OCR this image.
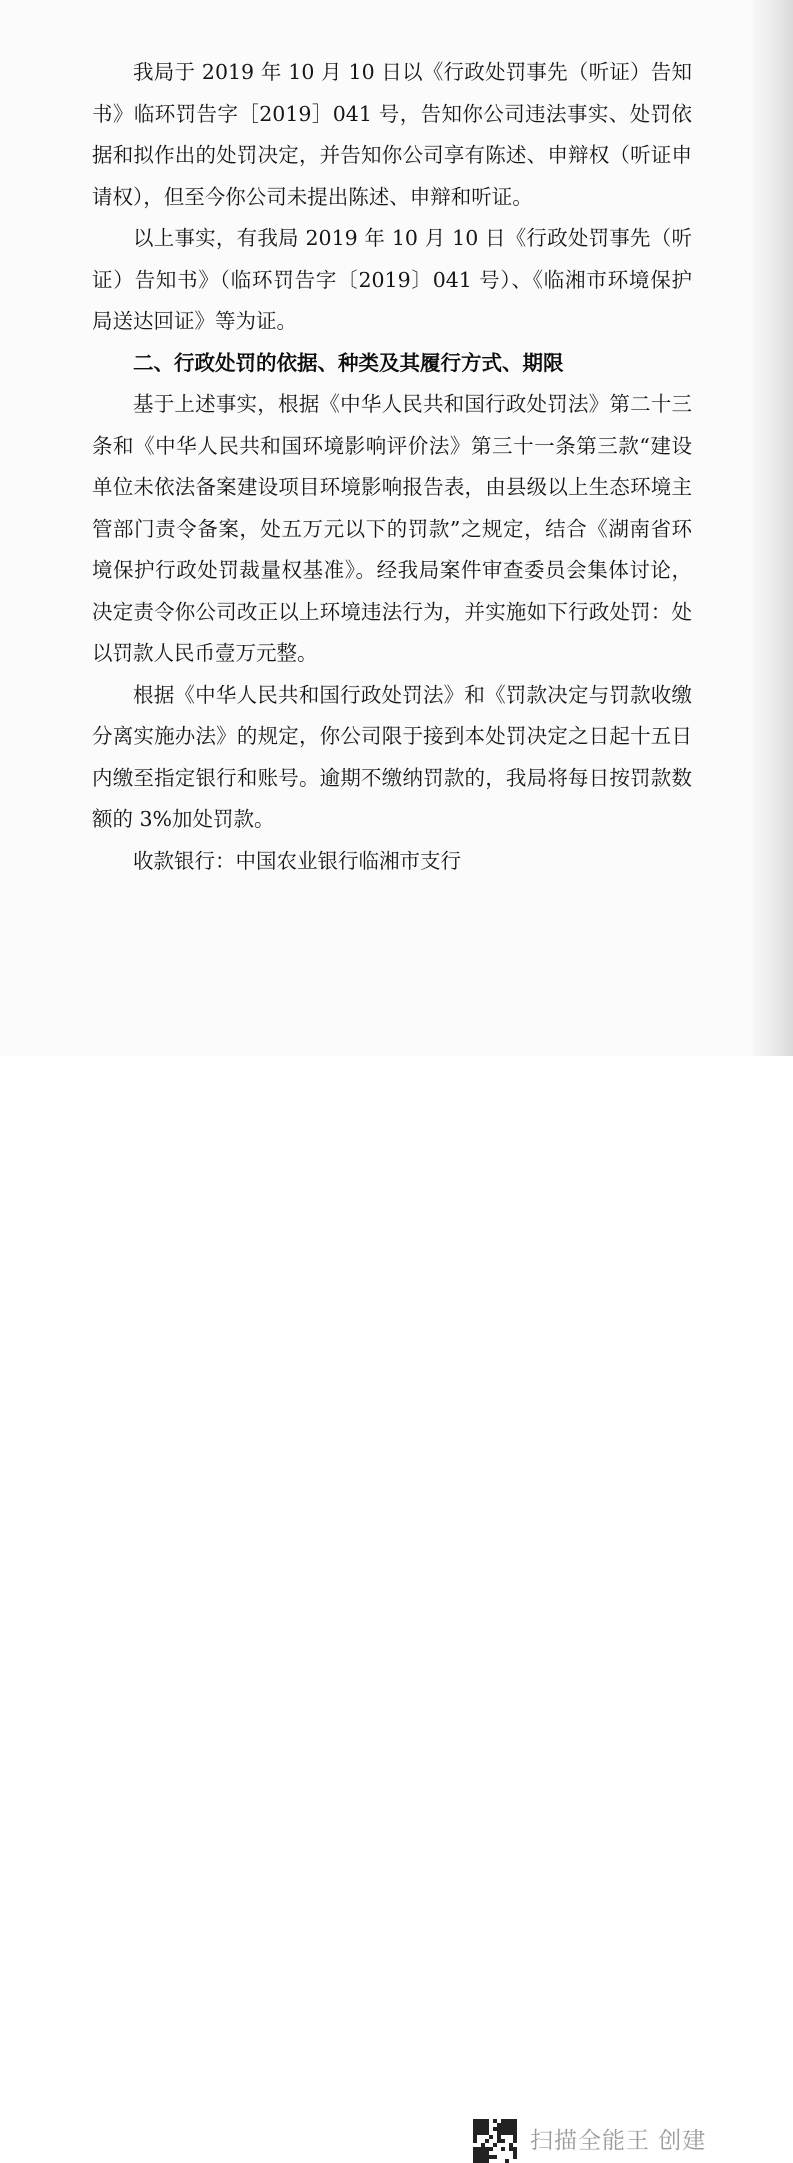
我局于 2019 年 10 月 10 日以《行政处罚事先（听证）告知书》临环罚告字［2019］041 号，告知你公司违法事实、处罚依据和拟作出的处罚决定，并告知你公司享有陈述、申辩权（听证申请权），但至今你公司未提出陈述、申辩和听证。

以上事实，有我局 2019 年 10 月 10 日《行政处罚事先（听证）告知书》（临环罚告字〔2019〕041 号）、《临湘市环境保护局送达回证》等为证。

二、行政处罚的依据、种类及其履行方式、期限

基于上述事实，根据《中华人民共和国行政处罚法》第二十三条和《中华人民共和国环境影响评价法》第三十一条第三款“建设单位未依法备案建设项目环境影响报告表，由县级以上生态环境主管部门责令备案，处五万元以下的罚款”之规定，结合《湖南省环境保护行政处罚裁量权基准》。经我局案件审查委员会集体讨论，决定责令你公司改正以上环境违法行为，并实施如下行政处罚：处以罚款人民币壹万元整。

根据《中华人民共和国行政处罚法》和《罚款决定与罚款收缴分离实施办法》的规定，你公司限于接到本处罚决定之日起十五日内缴至指定银行和账号。逾期不缴纳罚款的，我局将每日按罚款数额的 3%加处罚款。

收款银行：中国农业银行临湘市支行

扫描全能王 创建
